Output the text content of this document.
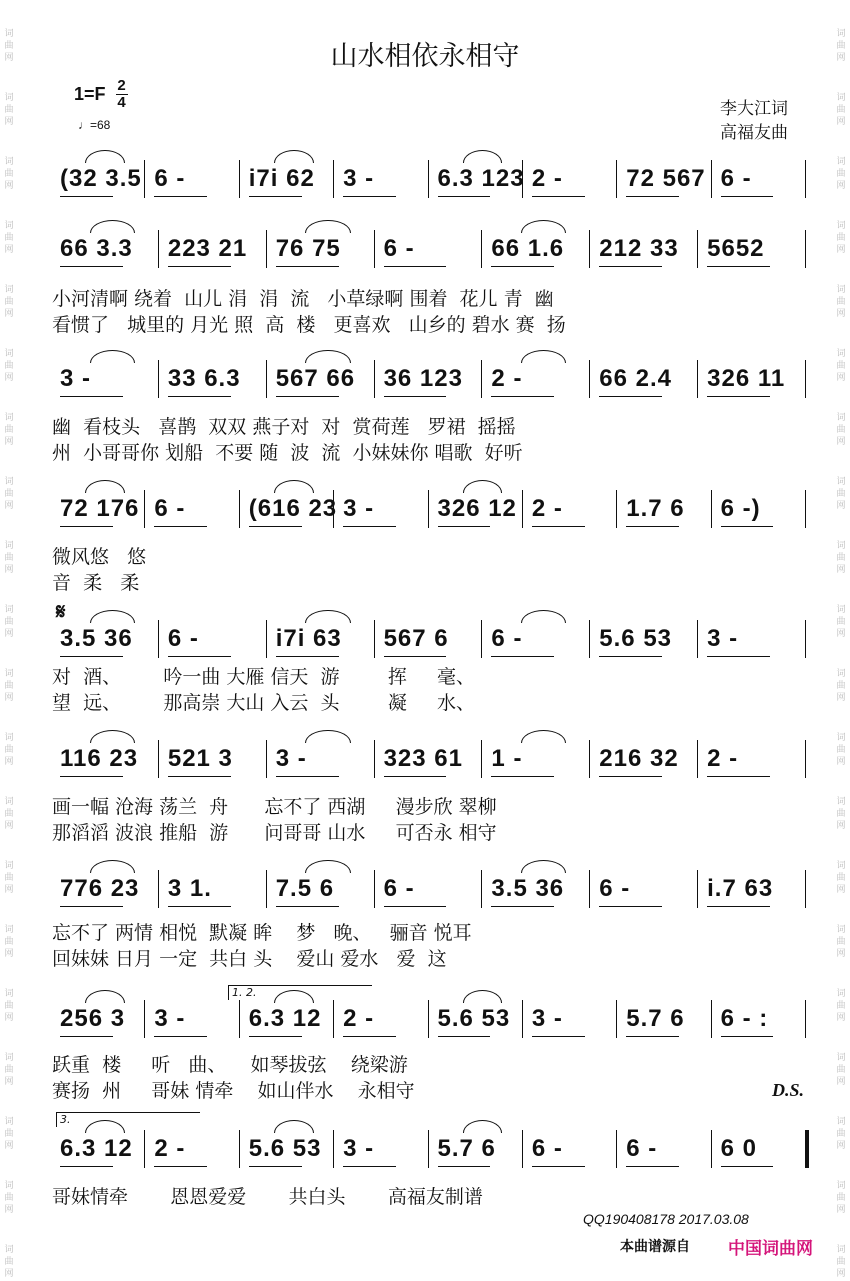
词
曲
网
词
曲
网
词
曲
网
词
曲
网
词
曲
网
词
曲
网
词
曲
网
词
曲
网
词
曲
网
词
曲
网
词
曲
网
词
曲
网
词
曲
网
词
曲
网
词
曲
网
词
曲
网
词
曲
网
词
曲
网
词
曲
网
词
曲
网
词
曲
网
词
曲
网
词
曲
网
词
曲
网
词
曲
网
词
曲
网
词
曲
网
词
曲
网
词
曲
网
词
曲
网
词
曲
网
词
曲
网
词
曲
网
词
曲
网
词
曲
网
词
曲
网
词
曲
网
词
曲
网
词
曲
网
词
曲
网
山水相依永相守
$1=F \frac{2}{4}$
♩=68
李大江词
高福友曲
(32 3.5 6 -	i7i 62	3 -	6.3 123 2 -	72 567 6 -
66 3.3	223 21	76 75	6 -	66 1.6	212 33	5652
3 -	33 6.3	567 66	36 123	2 -	66 2.4	326 11
72 176 6 -	(616 23 3 -	326 12 2 -	1.7 6	6 -)
3.5 36	6 -	i7i 63	567 6	6 -	5.6 53	3 -
116 23	521 3	3 -	323 61	1 -	216 32	2 -
776 23	3 1.	7.5 6	6 -	3.5 36	6 -	i.7 63
256 3	3 -	6.3 12 2 -	5.6 53 3 -	5.7 6	6 - :
6.3 12 2 -	5.6 53 3 -	5.7 6	6 -	6 -	6 0
小河清啊 绕着  山儿 涓  涓  流   小草绿啊 围着  花儿 青  幽
看惯了   城里的 月光 照  高  楼   更喜欢   山乡的 碧水 赛  扬
幽  看枝头   喜鹊  双双 燕子对  对  赏荷莲   罗裙  摇摇
州  小哥哥你 划船  不要 随  波  流  小妹妹你 唱歌  好听
微风悠   悠
音  柔   柔
对  酒、       吟一曲 大雁 信天  游        挥     毫、
望  远、       那高崇 大山 入云  头        凝     水、
画一幅 沧海 荡兰  舟      忘不了 西湖     漫步欣 翠柳
那滔滔 波浪 推船  游      问哥哥 山水     可否永 相守
忘不了 两情 相悦  默凝 眸    梦   晚、   骊音 悦耳
回妹妹 日月 一定  共白 头    爱山 爱水   爱  这
跃重  楼     听   曲、    如琴拔弦    绕梁游
赛扬  州     哥妹 情牵    如山伴水    永相守
哥妹情牵       恩恩爱爱       共白头       高福友制谱
𝄋
1. 2.
3.
D.S.
QQ190408178 2017.03.08
本曲谱源自 中国词曲网
